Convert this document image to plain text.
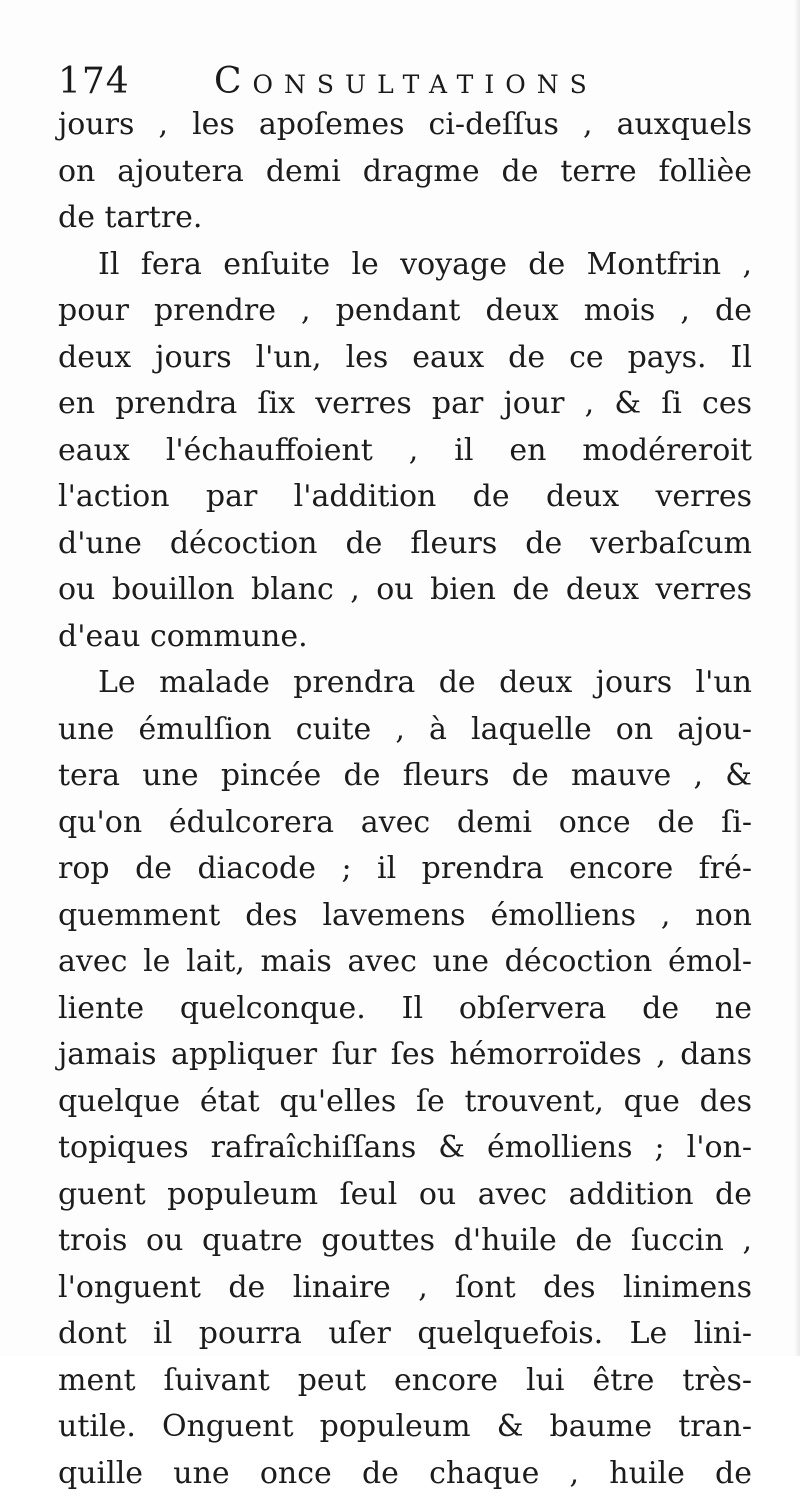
174 Consultations
jours , les apoſemes ci-deſſus , auxquels
on ajoutera demi dragme de terre follièe
de tartre.
Il fera enſuite le voyage de Montfrin ,
pour prendre , pendant deux mois , de
deux jours l'un, les eaux de ce pays. Il
en prendra ſix verres par jour , & ſi ces
eaux l'échauffoient , il en modéreroit
l'action par l'addition de deux verres
d'une décoction de fleurs de verbaſcum
ou bouillon blanc , ou bien de deux verres
d'eau commune.
Le malade prendra de deux jours l'un
une émulſion cuite , à laquelle on ajou-
tera une pincée de fleurs de mauve , &
qu'on édulcorera avec demi once de ſi-
rop de diacode ; il prendra encore fré-
quemment des lavemens émolliens , non
avec le lait, mais avec une décoction émol-
liente quelconque. Il obſervera de ne
jamais appliquer ſur ſes hémorroïdes , dans
quelque état qu'elles ſe trouvent, que des
topiques rafraîchiſſans & émolliens ; l'on-
guent populeum ſeul ou avec addition de
trois ou quatre gouttes d'huile de ſuccin ,
l'onguent de linaire , ſont des linimens
dont il pourra uſer quelquefois. Le lini-
ment ſuivant peut encore lui être très-
utile. Onguent populeum & baume tran-
quille une once de chaque , huile de
